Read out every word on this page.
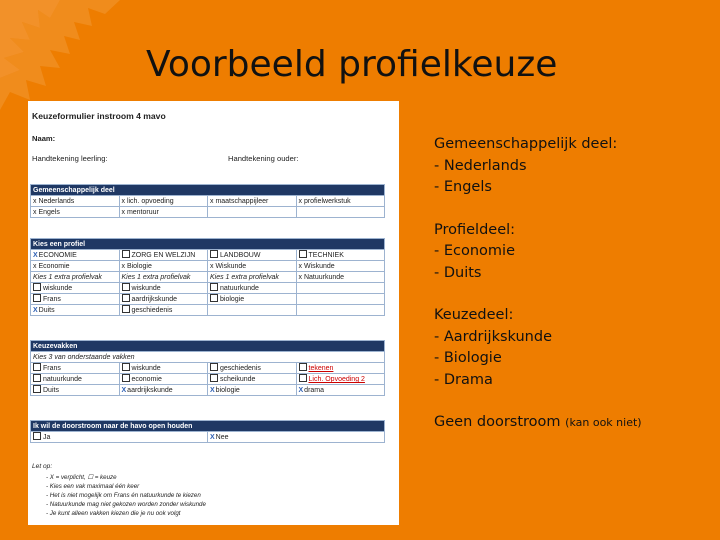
Voorbeeld profielkeuze
Keuzeformulier instroom 4 mavo
Naam:
Handtekening leerling:	Handtekening ouder:
Gemeenschappelijk deel			
x Nederlands	x lich. opvoeding	x maatschappijleer	x profielwerkstuk
x Engels	x mentoruur		
Kies een profiel			
XECONOMIE	ZORG EN WELZIJN	LANDBOUW	TECHNIEK
x Economie	x Biologie	x Wiskunde	x Wiskunde
Kies 1 extra profielvak	Kies 1 extra profielvak	Kies 1 extra profielvak	x Natuurkunde
wiskunde	wiskunde	natuurkunde	
Frans	aardrijkskunde	biologie	
XDuits	geschiedenis		
Keuzevakken			
Kies 3 van onderstaande vakken			
Frans	wiskunde	geschiedenis	tekenen
natuurkunde	economie	scheikunde	Lich. Opvoeding 2
Duits	Xaardrijkskunde	Xbiologie	Xdrama
Ik wil de doorstroom naar de havo open houden
Ja	XNee
Let op:
- X = verplicht, ☐ = keuze
- Kies een vak maximaal één keer
- Het is niet mogelijk om Frans én natuurkunde te kiezen
- Natuurkunde mag niet gekozen worden zonder wiskunde
- Je kunt alleen vakken kiezen die je nu ook volgt
Gemeenschappelijk deel:
- Nederlands
- Engels
Profieldeel:
- Economie
- Duits
Keuzedeel:
- Aardrijkskunde
- Biologie
- Drama
Geen doorstroom (kan ook niet)
